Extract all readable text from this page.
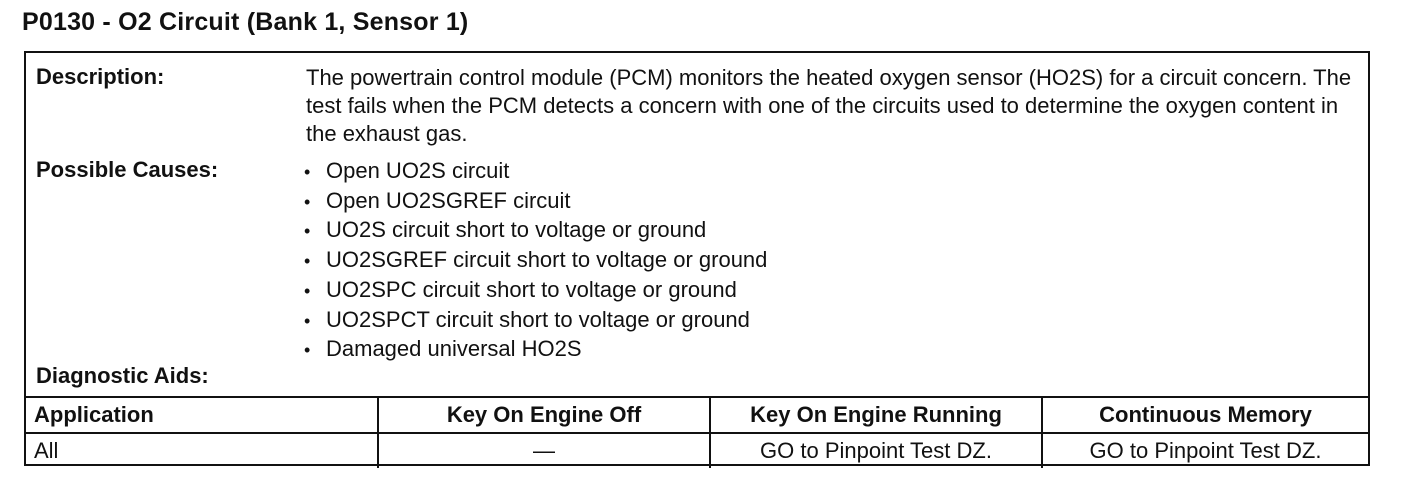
P0130 - O2 Circuit (Bank 1, Sensor 1)
Description:	The powertrain control module (PCM) monitors the heated oxygen sensor (HO2S) for a circuit concern. The test fails when the PCM detects a concern with one of the circuits used to determine the oxygen content in the exhaust gas.
Possible Causes:	• Open UO2S circuit
• Open UO2SGREF circuit
• UO2S circuit short to voltage or ground
• UO2SGREF circuit short to voltage or ground
• UO2SPC circuit short to voltage or ground
• UO2SPCT circuit short to voltage or ground
• Damaged universal HO2S
Diagnostic Aids:
Application	Key On Engine Off	Key On Engine Running	Continuous Memory
All	—	GO to Pinpoint Test DZ.	GO to Pinpoint Test DZ.
